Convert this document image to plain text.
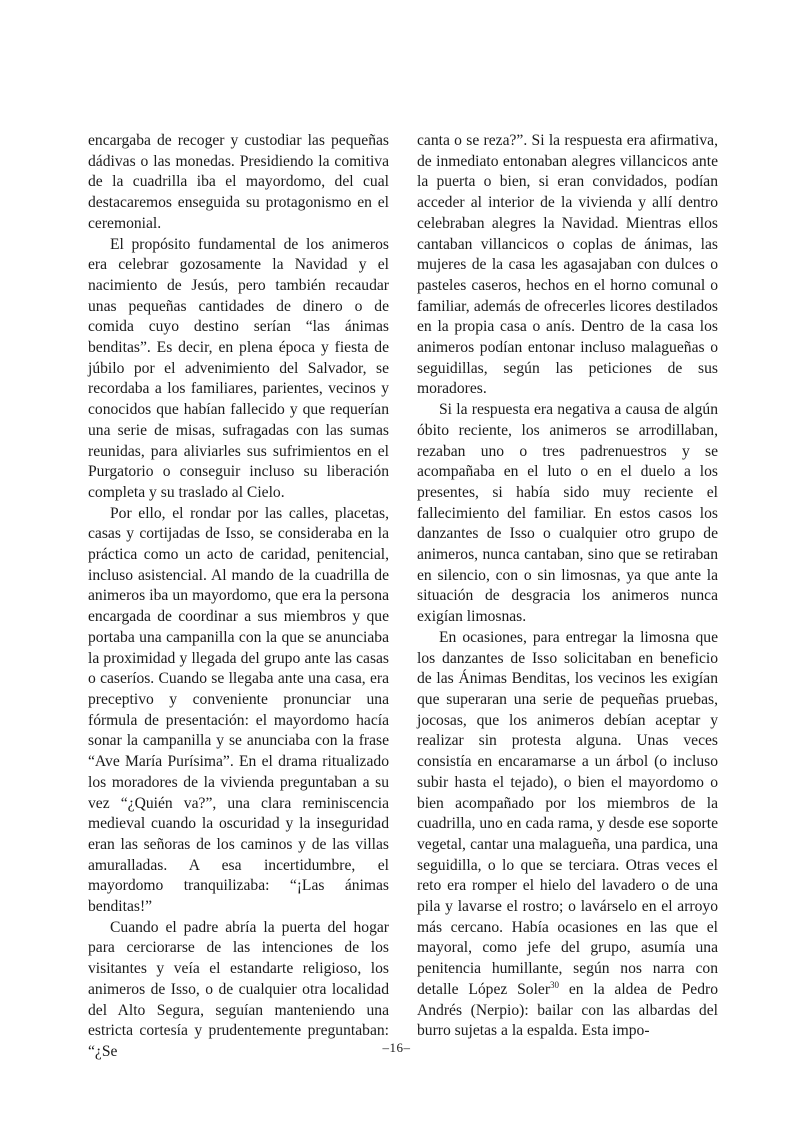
encargaba de recoger y custodiar las pequeñas dádivas o las monedas. Presidiendo la comitiva de la cuadrilla iba el mayordomo, del cual destacaremos enseguida su protagonismo en el ceremonial.

El propósito fundamental de los animeros era celebrar gozosamente la Navidad y el nacimiento de Jesús, pero también recaudar unas pequeñas cantidades de dinero o de comida cuyo destino serían “las ánimas benditas”. Es decir, en plena época y fiesta de júbilo por el advenimiento del Salvador, se recordaba a los familiares, parientes, vecinos y conocidos que habían fallecido y que requerían una serie de misas, sufragadas con las sumas reunidas, para aliviarles sus sufrimientos en el Purgatorio o conseguir incluso su liberación completa y su traslado al Cielo.

Por ello, el rondar por las calles, placetas, casas y cortijadas de Isso, se consideraba en la práctica como un acto de caridad, penitencial, incluso asistencial. Al mando de la cuadrilla de animeros iba un mayordomo, que era la persona encargada de coordinar a sus miembros y que portaba una campanilla con la que se anunciaba la proximidad y llegada del grupo ante las casas o caseríos. Cuando se llegaba ante una casa, era preceptivo y conveniente pronunciar una fórmula de presentación: el mayordomo hacía sonar la campanilla y se anunciaba con la frase “Ave María Purísima”. En el drama ritualizado los moradores de la vivienda preguntaban a su vez “¿Quién va?”, una clara reminiscencia medieval cuando la oscuridad y la inseguridad eran las señoras de los caminos y de las villas amuralladas. A esa incertidumbre, el mayordomo tranquilizaba: “¡Las ánimas benditas!”

Cuando el padre abría la puerta del hogar para cerciorarse de las intenciones de los visitantes y veía el estandarte religioso, los animeros de Isso, o de cualquier otra localidad del Alto Segura, seguían manteniendo una estricta cortesía y prudentemente preguntaban: “¿Se

canta o se reza?”. Si la respuesta era afirmativa, de inmediato entonaban alegres villancicos ante la puerta o bien, si eran convidados, podían acceder al interior de la vivienda y allí dentro celebraban alegres la Navidad. Mientras ellos cantaban villancicos o coplas de ánimas, las mujeres de la casa les agasajaban con dulces o pasteles caseros, hechos en el horno comunal o familiar, además de ofrecerles licores destilados en la propia casa o anís. Dentro de la casa los animeros podían entonar incluso malagueñas o seguidillas, según las peticiones de sus moradores.

Si la respuesta era negativa a causa de algún óbito reciente, los animeros se arrodillaban, rezaban uno o tres padrenuestros y se acompañaba en el luto o en el duelo a los presentes, si había sido muy reciente el fallecimiento del familiar. En estos casos los danzantes de Isso o cualquier otro grupo de animeros, nunca cantaban, sino que se retiraban en silencio, con o sin limosnas, ya que ante la situación de desgracia los animeros nunca exigían limosnas.

En ocasiones, para entregar la limosna que los danzantes de Isso solicitaban en beneficio de las Ánimas Benditas, los vecinos les exigían que superaran una serie de pequeñas pruebas, jocosas, que los animeros debían aceptar y realizar sin protesta alguna. Unas veces consistía en encaramarse a un árbol (o incluso subir hasta el tejado), o bien el mayordomo o bien acompañado por los miembros de la cuadrilla, uno en cada rama, y desde ese soporte vegetal, cantar una malagueña, una pardica, una seguidilla, o lo que se terciara. Otras veces el reto era romper el hielo del lavadero o de una pila y lavarse el rostro; o lavárselo en el arroyo más cercano. Había ocasiones en las que el mayoral, como jefe del grupo, asumía una penitencia humillante, según nos narra con detalle López Soler$^{30}$ en la aldea de Pedro Andrés (Nerpio): bailar con las albardas del burro sujetas a la espalda. Esta impo-

–16–
